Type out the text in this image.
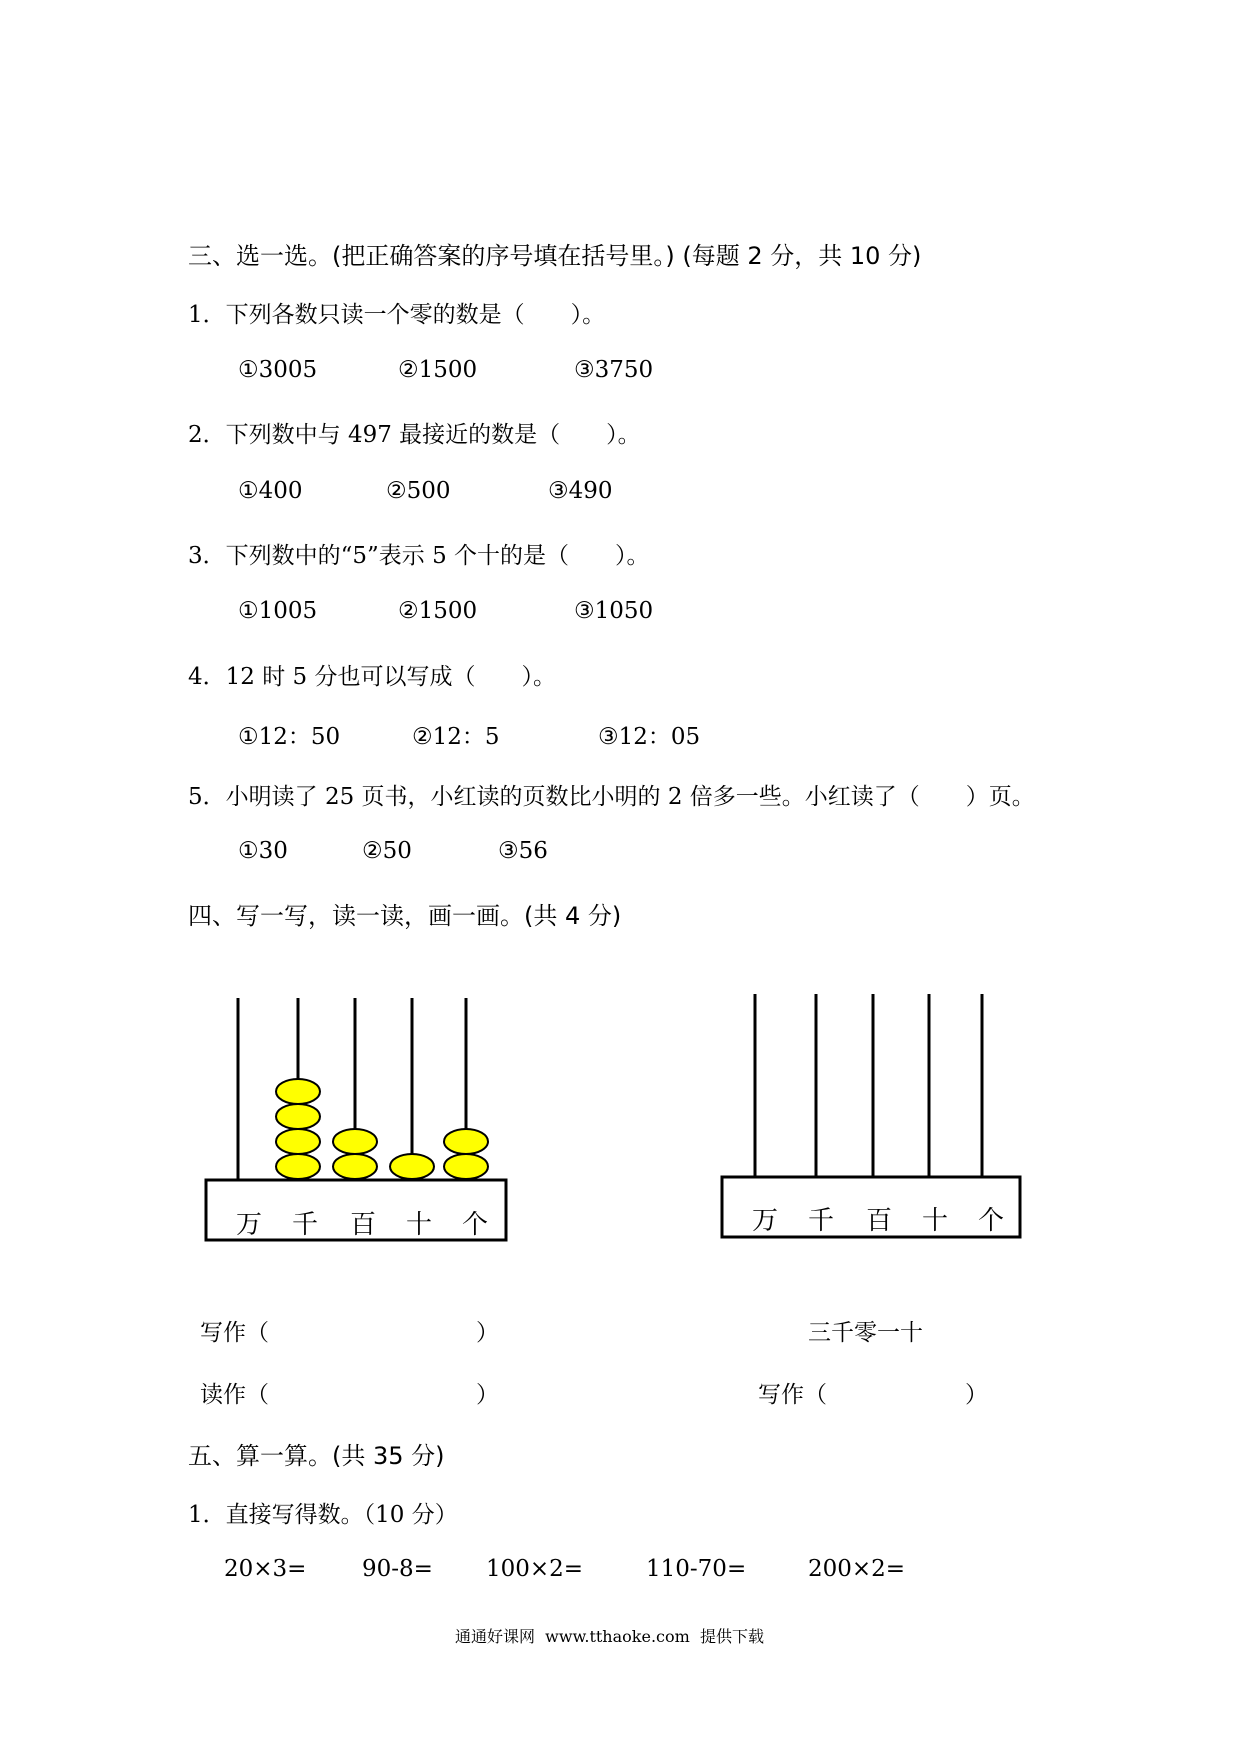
三、选一选。(把正确答案的序号填在括号里。) (每题 2 分，共 10 分)
1．下列各数只读一个零的数是（　　）。
①3005	②1500	③3750
2．下列数中与 497 最接近的数是（　　）。
①400	②500	③490
3．下列数中的“5”表示 5 个十的是（　　）。
①1005	②1500	③1050
4．12 时 5 分也可以写成（　　）。
①12：50	②12：5	③12：05
5．小明读了 25 页书，小红读的页数比小明的 2 倍多一些。小红读了（　　）页。
①30	②50	③56
四、写一写，读一读，画一画。(共 4 分)
万 千 百 十 个	万 千 百 十 个
写作（　　　　　　　　　）	三千零一十
读作（　　　　　　　　　）	写作（　　　　　　）
五、算一算。(共 35 分)
1．直接写得数。（10 分）
20×3= 90-8= 100×2=	110-70=	200×2=
通通好课网  www.tthaoke.com  提供下载
